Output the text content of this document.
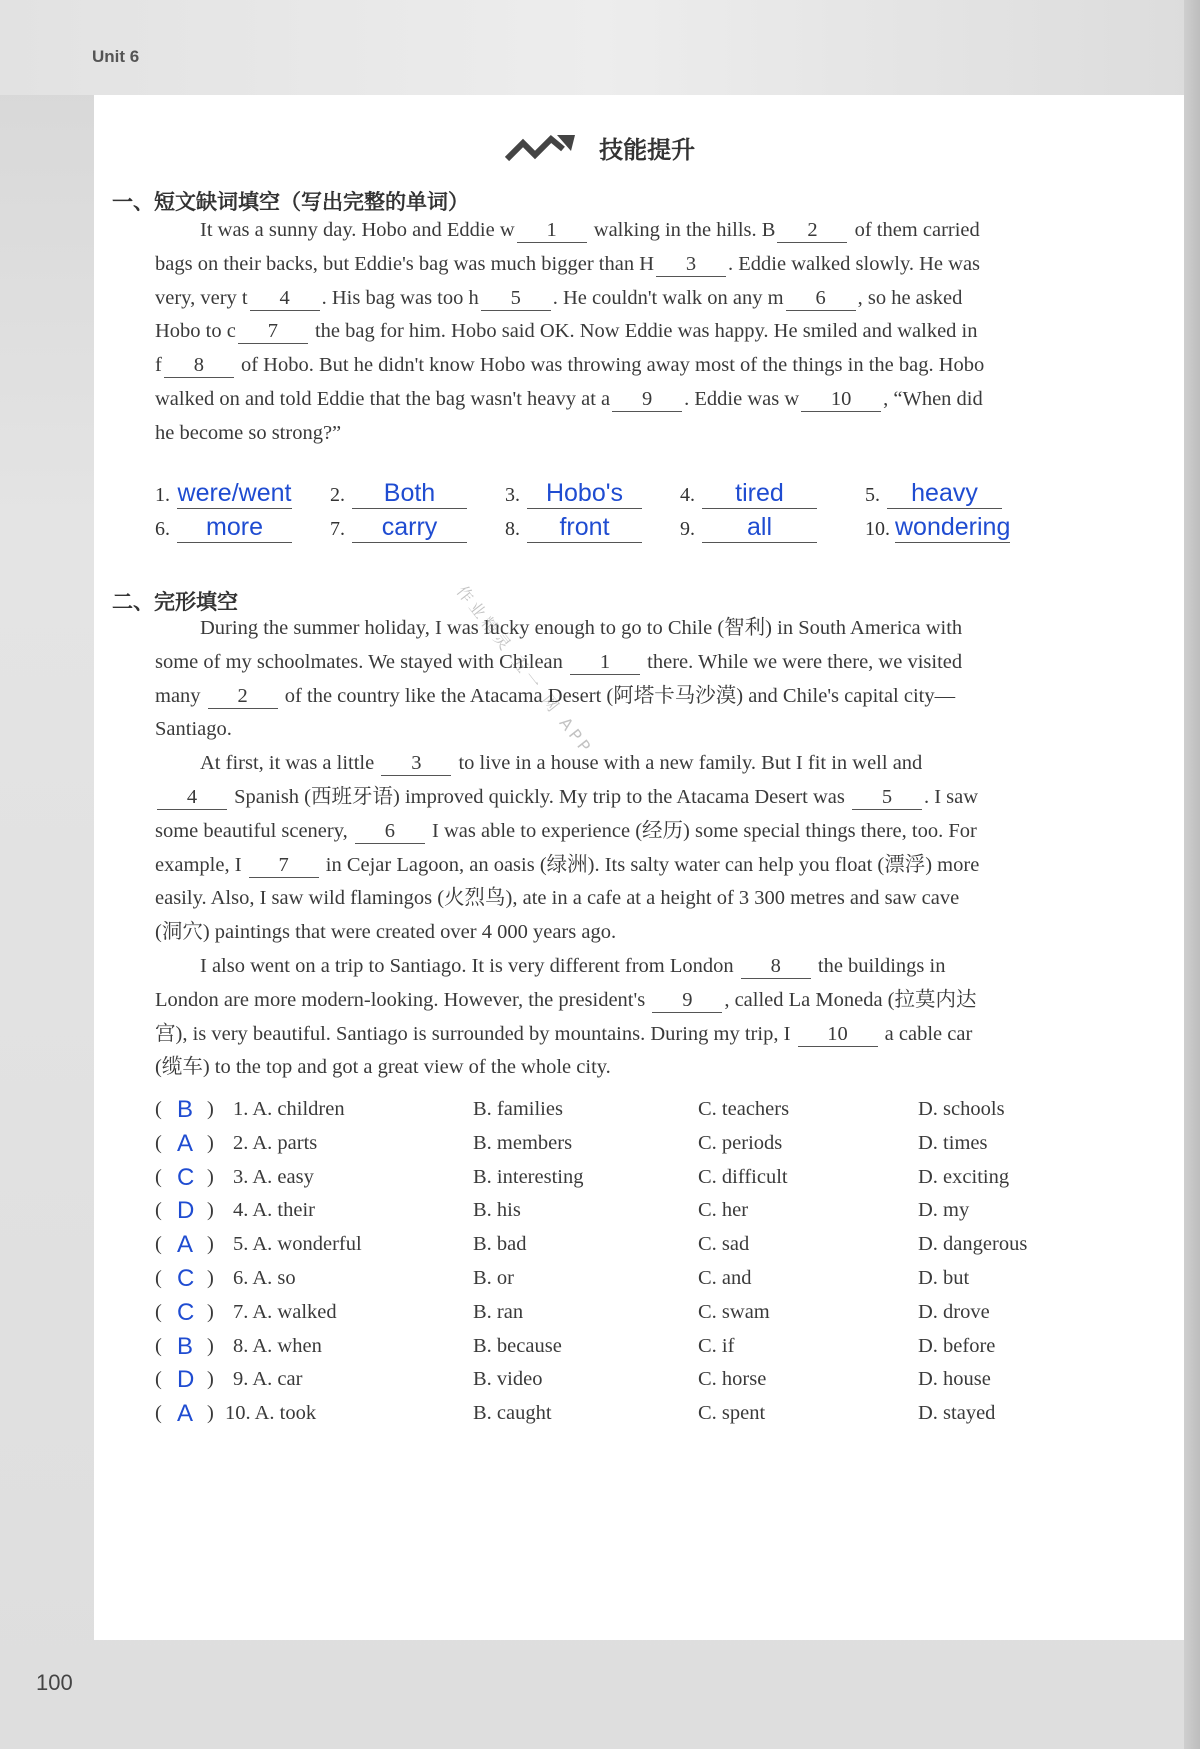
Unit 6
100
技能提升
一、短文缺词填空（写出完整的单词）
It was a sunny day. Hobo and Eddie w 1 walking in the hills. B 2 of them carried
bags on their backs, but Eddie's bag was much bigger than H 3 . Eddie walked slowly. He was
very, very t 4 . His bag was too h 5 . He couldn't walk on any m 6 , so he asked
Hobo to c 7 the bag for him. Hobo said OK. Now Eddie was happy. He smiled and walked in
f 8 of Hobo. But he didn't know Hobo was throwing away most of the things in the bag. Hobo
walked on and told Eddie that the bag wasn't heavy at a 9 . Eddie was w 10 , “When did
he become so strong?”
1. were/went 2. Both	3. Hobo's	4. tired	5. heavy
6. more	7. carry	8. front	9. all	10. wondering
二、完形填空	作业精灵 五一 网 APP
During the summer holiday, I was lucky enough to go to Chile (智利) in South America with
some of my schoolmates. We stayed with Chilean 1 there. While we were there, we visited
many 2 of the country like the Atacama Desert (阿塔卡马沙漠) and Chile's capital city—
Santiago.
At first, it was a little 3 to live in a house with a new family. But I fit in well and
4 Spanish (西班牙语) improved quickly. My trip to the Atacama Desert was 5 . I saw
some beautiful scenery, 6 I was able to experience (经历) some special things there, too. For
example, I 7 in Cejar Lagoon, an oasis (绿洲). Its salty water can help you float (漂浮) more
easily. Also, I saw wild flamingos (火烈鸟), ate in a cafe at a height of 3 300 metres and saw cave
(洞穴) paintings that were created over 4 000 years ago.
I also went on a trip to Santiago. It is very different from London 8 the buildings in
London are more modern-looking. However, the president's 9 , called La Moneda (拉莫内达
宫), is very beautiful. Santiago is surrounded by mountains. During my trip, I 10 a cable car
(缆车) to the top and got a great view of the whole city.
( B ) 1. A. children	B. families	C. teachers	D. schools
( A ) 2. A. parts	B. members	C. periods	D. times
( C ) 3. A. easy	B. interesting	C. difficult	D. exciting
( D ) 4. A. their	B. his	C. her	D. my
( A ) 5. A. wonderful	B. bad	C. sad	D. dangerous
( C ) 6. A. so	B. or	C. and	D. but
( C ) 7. A. walked	B. ran	C. swam	D. drove
( B ) 8. A. when	B. because	C. if	D. before
( D ) 9. A. car	B. video	C. horse	D. house
( A ) 10. A. took	B. caught	C. spent	D. stayed
